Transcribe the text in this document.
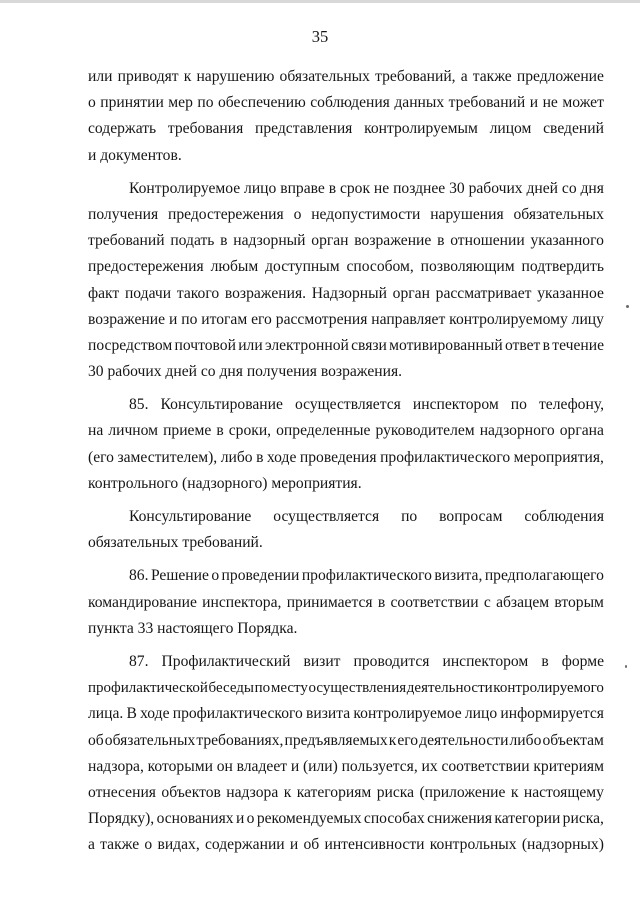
35
или приводят к нарушению обязательных требований, а также предложение
о принятии мер по обеспечению соблюдения данных требований и не может
содержать требования представления контролируемым лицом сведений
и документов.
Контролируемое лицо вправе в срок не позднее 30 рабочих дней со дня
получения предостережения о недопустимости нарушения обязательных
требований подать в надзорный орган возражение в отношении указанного
предостережения любым доступным способом, позволяющим подтвердить
факт подачи такого возражения. Надзорный орган рассматривает указанное
возражение и по итогам его рассмотрения направляет контролируемому лицу
посредством почтовой или электронной связи мотивированный ответ в течение
30 рабочих дней со дня получения возражения.
85. Консультирование осуществляется инспектором по телефону,
на личном приеме в сроки, определенные руководителем надзорного органа
(его заместителем), либо в ходе проведения профилактического мероприятия,
контрольного (надзорного) мероприятия.
Консультирование осуществляется по вопросам соблюдения
обязательных требований.
86. Решение о проведении профилактического визита, предполагающего
командирование инспектора, принимается в соответствии с абзацем вторым
пункта 33 настоящего Порядка.
87. Профилактический визит проводится инспектором в форме
профилактической беседы по месту осуществления деятельности контролируемого
лица. В ходе профилактического визита контролируемое лицо информируется
об обязательных требованиях, предъявляемых к его деятельности либо объектам
надзора, которыми он владеет и (или) пользуется, их соответствии критериям
отнесения объектов надзора к категориям риска (приложение к настоящему
Порядку), основаниях и о рекомендуемых способах снижения категории риска,
а также о видах, содержании и об интенсивности контрольных (надзорных)
